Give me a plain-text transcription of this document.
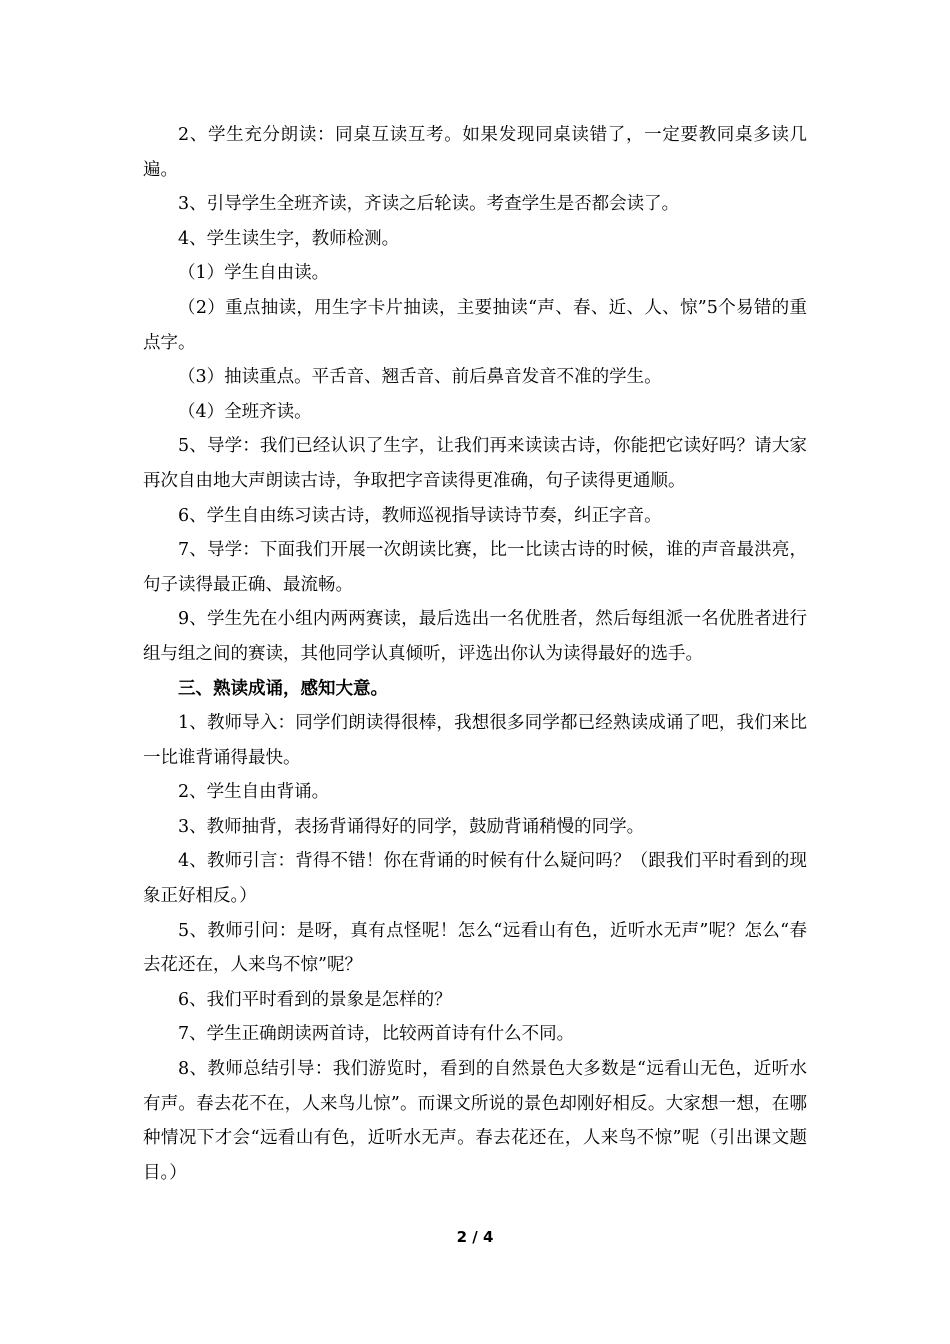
2、学生充分朗读：同桌互读互考。如果发现同桌读错了，一定要教同桌多读几遍。

3、引导学生全班齐读，齐读之后轮读。考查学生是否都会读了。

4、学生读生字，教师检测。

（1）学生自由读。

（2）重点抽读，用生字卡片抽读，主要抽读“声、春、近、人、惊”5个易错的重点字。

（3）抽读重点。平舌音、翘舌音、前后鼻音发音不准的学生。

（4）全班齐读。

5、导学：我们已经认识了生字，让我们再来读读古诗，你能把它读好吗？请大家再次自由地大声朗读古诗，争取把字音读得更准确，句子读得更通顺。

6、学生自由练习读古诗，教师巡视指导读诗节奏，纠正字音。

7、导学：下面我们开展一次朗读比赛，比一比读古诗的时候，谁的声音最洪亮，句子读得最正确、最流畅。

9、学生先在小组内两两赛读，最后选出一名优胜者，然后每组派一名优胜者进行组与组之间的赛读，其他同学认真倾听，评选出你认为读得最好的选手。

三、熟读成诵，感知大意。

1、教师导入：同学们朗读得很棒，我想很多同学都已经熟读成诵了吧，我们来比一比谁背诵得最快。

2、学生自由背诵。

3、教师抽背，表扬背诵得好的同学，鼓励背诵稍慢的同学。

4、教师引言：背得不错！你在背诵的时候有什么疑问吗？（跟我们平时看到的现象正好相反。）

5、教师引问：是呀，真有点怪呢！怎么“远看山有色，近听水无声”呢？怎么“春去花还在，人来鸟不惊”呢？

6、我们平时看到的景象是怎样的？

7、学生正确朗读两首诗，比较两首诗有什么不同。

8、教师总结引导：我们游览时，看到的自然景色大多数是“远看山无色，近听水有声。春去花不在，人来鸟儿惊”。而课文所说的景色却刚好相反。大家想一想，在哪种情况下才会“远看山有色，近听水无声。春去花还在，人来鸟不惊”呢（引出课文题目。）

2 / 4
